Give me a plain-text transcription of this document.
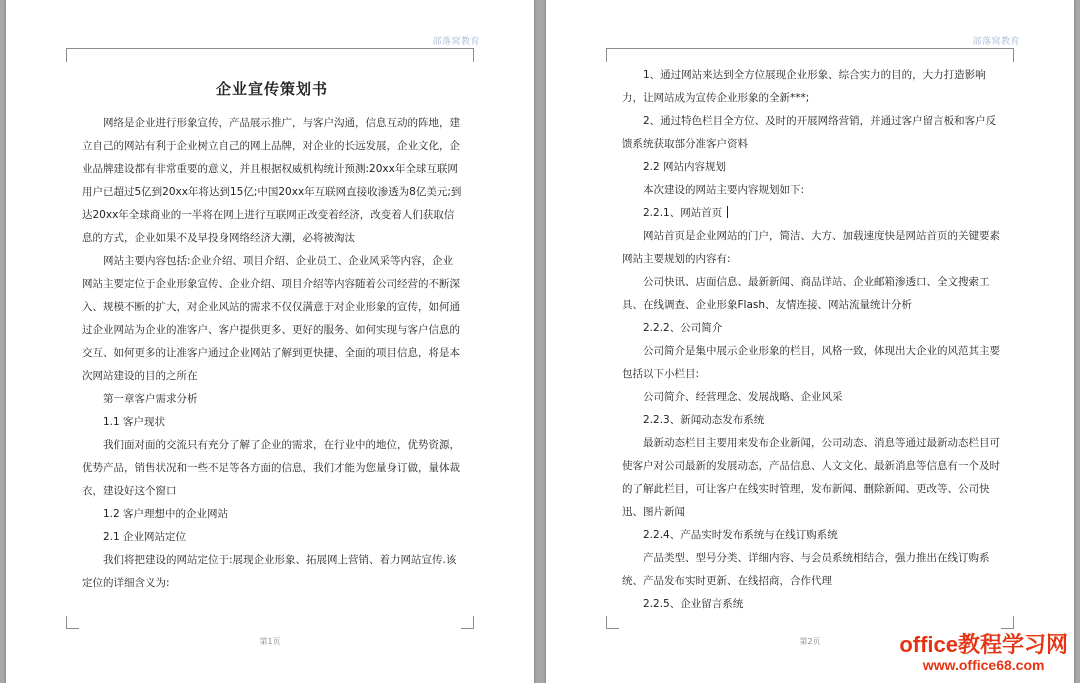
部落窝教育
企业宣传策划书

网络是企业进行形象宣传，产品展示推广，与客户沟通，信息互动的阵地，建立自己的网站有利于企业树立自己的网上品牌，对企业的长远发展，企业文化，企业品牌建设都有非常重要的意义，并且根据权威机构统计预测:20xx年全球互联网用户已超过5亿到20xx年将达到15亿;中国20xx年互联网直接收渗透为8亿美元;到达20xx年全球商业的一半将在网上进行互联网正改变着经济，改变着人们获取信息的方式，企业如果不及早投身网络经济大潮，必将被淘汰

网站主要内容包括:企业介绍、项目介绍、企业员工、企业风采等内容，企业网站主要定位于企业形象宣传、企业介绍、项目介绍等内容随着公司经营的不断深入、规模不断的扩大，对企业风站的需求不仅仅满意于对企业形象的宣传，如何通过企业网站为企业的准客户、客户提供更多、更好的服务、如何实现与客户信息的交互、如何更多的让准客户通过企业网站了解到更快捷、全面的项目信息，将是本次网站建设的目的之所在

第一章客户需求分析

1.1 客户现状

我们面对面的交流只有充分了解了企业的需求，在行业中的地位，优势资源，优势产品，销售状况和一些不足等各方面的信息，我们才能为您量身订做，量体裁衣，建设好这个窗口

1.2 客户理想中的企业网站

2.1 企业网站定位

我们将把建设的网站定位于:展现企业形象、拓展网上营销、着力网站宣传.该定位的详细含义为:

第1页
部落窝教育

1、通过网站来达到全方位展现企业形象、综合实力的目的，大力打造影响力，让网站成为宣传企业形象的全新***;

2、通过特色栏目全方位、及时的开展网络营销，并通过客户留言板和客户反馈系统获取部分准客户资料

2.2 网站内容规划

本次建设的网站主要内容规划如下:

2.2.1、网站首页

网站首页是企业网站的门户，简洁、大方、加载速度快是网站首页的关键要素网站主要规划的内容有:

公司快讯、店面信息、最新新闻、商品详站、企业邮箱渗透口、全文搜索工具、在线调查、企业形象Flash、友情连接、网站流量统计分析

2.2.2、公司简介

公司简介是集中展示企业形象的栏目，风格一致，体现出大企业的风范其主要包括以下小栏目:

公司简介、经营理念、发展战略、企业风采

2.2.3、新闻动态发布系统

最新动态栏目主要用来发布企业新闻，公司动态、消息等通过最新动态栏目可使客户对公司最新的发展动态，产品信息、人文文化、最新消息等信息有一个及时的了解此栏目，可让客户在线实时管理，发布新闻、删除新闻、更改等、公司快迅、图片新闻

2.2.4、产品实时发布系统与在线订购系统

产品类型、型号分类、详细内容、与会员系统相结合，强力推出在线订购系统、产品发布实时更新、在线招商，合作代理

2.2.5、企业留言系统

第2页	office教程学习网
www.office68.com
